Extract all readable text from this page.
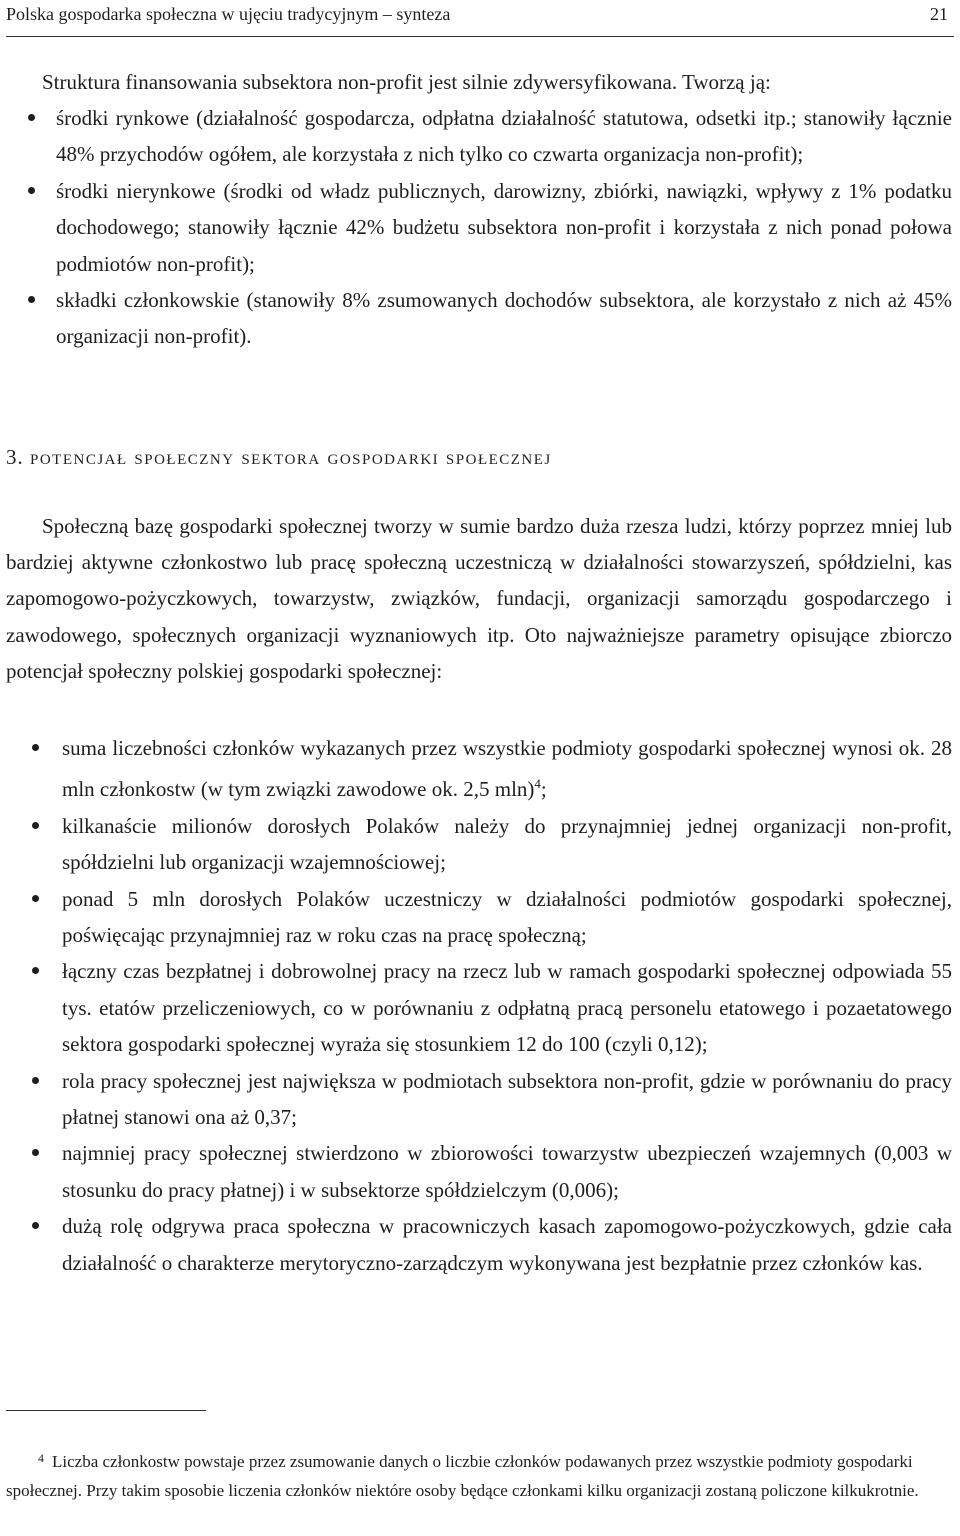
Polska gospodarka społeczna w ujęciu tradycyjnym – synteza	21

Struktura finansowania subsektora non-profit jest silnie zdywersyfikowana. Tworzą ją:

środki rynkowe (działalność gospodarcza, odpłatna działalność statutowa, odsetki itp.; stanowiły łącznie 48% przychodów ogółem, ale korzystała z nich tylko co czwarta organizacja non-profit);
środki nierynkowe (środki od władz publicznych, darowizny, zbiórki, nawiązki, wpływy z 1% podatku dochodowego; stanowiły łącznie 42% budżetu subsektora non-profit i korzystała z nich ponad połowa podmiotów non-profit);
składki członkowskie (stanowiły 8% zsumowanych dochodów subsektora, ale korzystało z nich aż 45% organizacji non-profit).
3. potencjał społeczny sektora gospodarki społecznej

Społeczną bazę gospodarki społecznej tworzy w sumie bardzo duża rzesza ludzi, którzy poprzez mniej lub bardziej aktywne członkostwo lub pracę społeczną uczestniczą w działalności stowarzyszeń, spółdzielni, kas zapomogowo-pożyczkowych, towarzystw, związków, fundacji, organizacji samorządu gospodarczego i zawodowego, społecznych organizacji wyznaniowych itp. Oto najważniejsze parametry opisujące zbiorczo potencjał społeczny polskiej gospodarki społecznej:

suma liczebności członków wykazanych przez wszystkie podmioty gospodarki społecznej wynosi ok. 28 mln członkostw (w tym związki zawodowe ok. 2,5 mln)$^4$;
kilkanaście milionów dorosłych Polaków należy do przynajmniej jednej organizacji non-profit, spółdzielni lub organizacji wzajemnościowej;
ponad 5 mln dorosłych Polaków uczestniczy w działalności podmiotów gospodarki społecznej, poświęcając przynajmniej raz w roku czas na pracę społeczną;
łączny czas bezpłatnej i dobrowolnej pracy na rzecz lub w ramach gospodarki społecznej odpowiada 55 tys. etatów przeliczeniowych, co w porównaniu z odpłatną pracą personelu etatowego i pozaetatowego sektora gospodarki społecznej wyraża się stosunkiem 12 do 100 (czyli 0,12);
rola pracy społecznej jest największa w podmiotach subsektora non-profit, gdzie w porównaniu do pracy płatnej stanowi ona aż 0,37;
najmniej pracy społecznej stwierdzono w zbiorowości towarzystw ubezpieczeń wzajemnych (0,003 w stosunku do pracy płatnej) i w subsektorze spółdzielczym (0,006);
dużą rolę odgrywa praca społeczna w pracowniczych kasach zapomogowo-pożyczkowych, gdzie cała działalność o charakterze merytoryczno-zarządczym wykonywana jest bezpłatnie przez członków kas.

$^4$ Liczba członkostw powstaje przez zsumowanie danych o liczbie członków podawanych przez wszystkie podmioty gospodarki społecznej. Przy takim sposobie liczenia członków niektóre osoby będące członkami kilku organizacji zostaną policzone kilkukrotnie.
